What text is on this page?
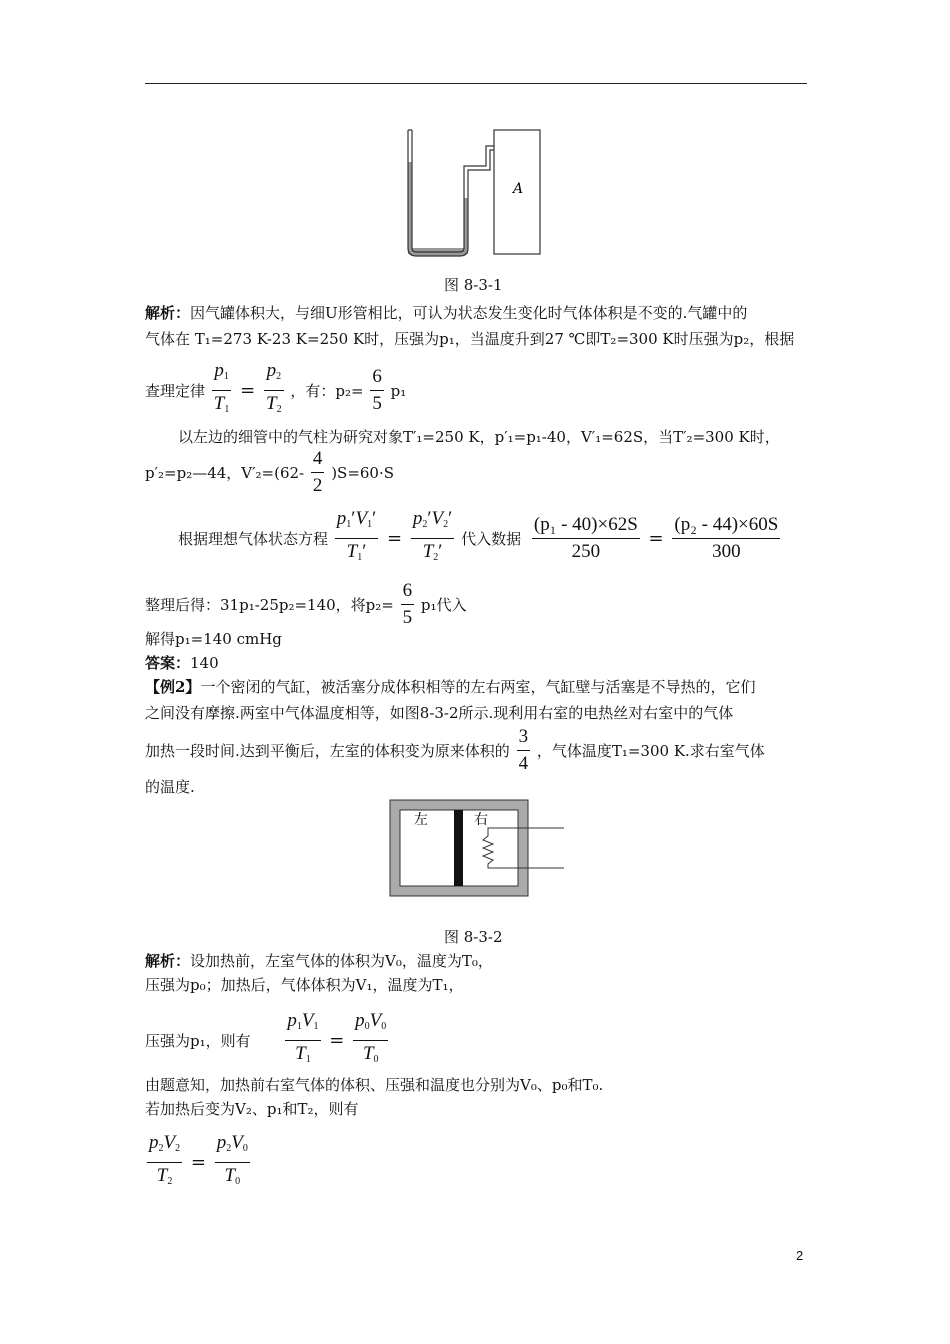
A
图 8-3-1
解析：因气罐体积大，与细U形管相比，可认为状态发生变化时气体体积是不变的.气罐中的
气体在 T₁=273 K-23 K=250 K时，压强为p₁，当温度升到27 ℃即T₂=300 K时压强为p₂，根据
查理定律 $\frac{p_1}{T_1} = \frac{p_2}{T_2}$ ，有：$p_2= \frac{6}{5} p_1$
以左边的细管中的气柱为研究对象T′₁=250 K，p′₁=p₁-40，V′₁=62S，当T′₂=300 K时，
p′₂=p₂—44，$V'_2=(62- \frac{4}{2} )S=60\cdot S$
根据理想气体状态方程 $\frac{p_1'V_1'}{T_1'} = \frac{p_2'V_2'}{T_2'}$ 代入数据 $\frac{\text{(p₁ - 40)×62S}}{250} = \frac{\text{(p₂ - 44)×60S}}{300}$
整理后得：31p₁-25p₂=140，将$p_2= \frac{6}{5} p_1$代入
解得p₁=140 cmHg
答案：140
【例2】一个密闭的气缸，被活塞分成体积相等的左右两室，气缸壁与活塞是不导热的，它们
之间没有摩擦.两室中气体温度相等，如图8-3-2所示.现利用右室的电热丝对右室中的气体
加热一段时间.达到平衡后，左室的体积变为原来体积的 $\frac{3}{4}$ ，气体温度T₁=300 K.求右室气体
的温度.
左	右
图 8-3-2
解析：设加热前，左室气体的体积为V₀，温度为T₀，
压强为p₀；加热后，气体体积为V₁，温度为T₁，
压强为p₁，则有 $\frac{p_1V_1}{T_1} = \frac{p_0V_0}{T_0}$
由题意知，加热前右室气体的体积、压强和温度也分别为V₀、p₀和T₀.
若加热后变为V₂、p₁和T₂，则有
$\frac{p_2V_2}{T_2} = \frac{p_2V_0}{T_0}$
2
